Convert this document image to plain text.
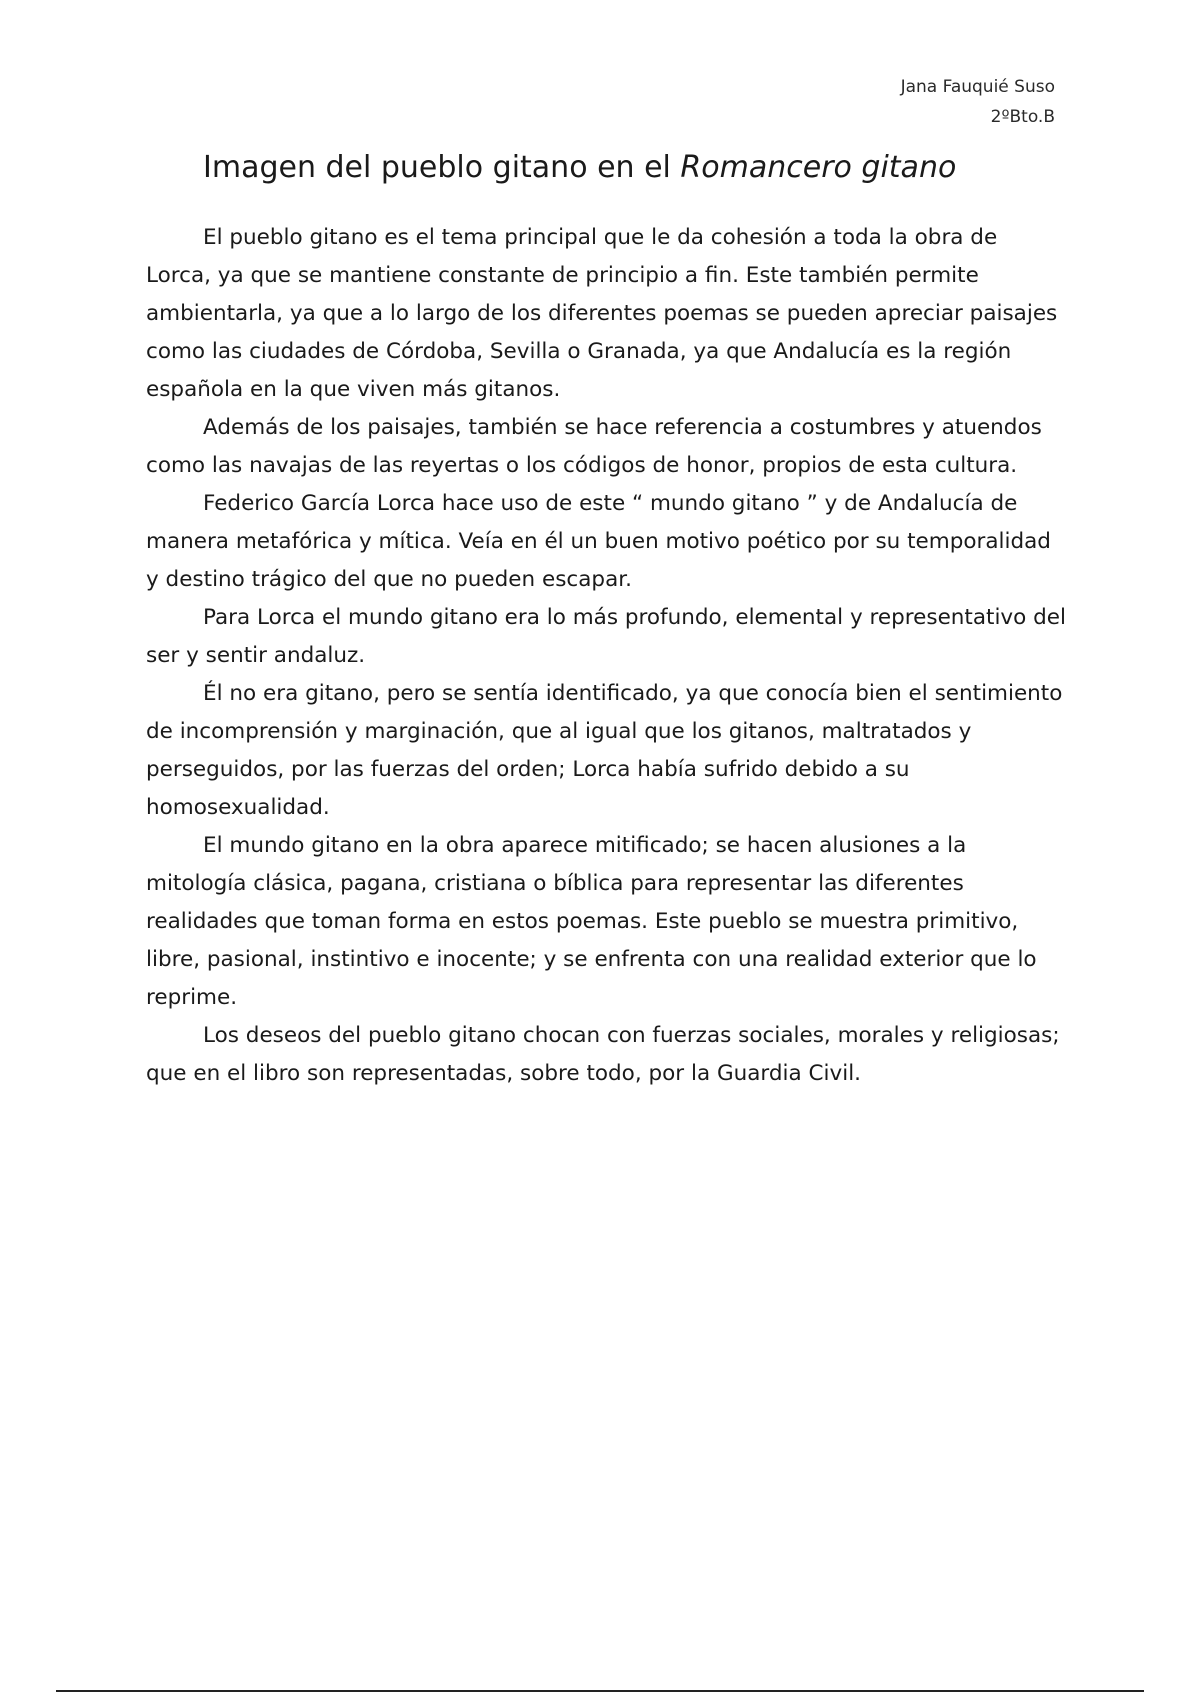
Jana Fauquié Suso
2ºBto.B
Imagen del pueblo gitano en el Romancero gitano

El pueblo gitano es el tema principal que le da cohesión a toda la obra de Lorca, ya que se mantiene constante de principio a fin. Este también permite ambientarla, ya que a lo largo de los diferentes poemas se pueden apreciar paisajes como las ciudades de Córdoba, Sevilla o Granada, ya que Andalucía es la región española en la que viven más gitanos.

Además de los paisajes, también se hace referencia a costumbres y atuendos como las navajas de las reyertas o los códigos de honor, propios de esta cultura.

Federico García Lorca hace uso de este “ mundo gitano ” y de Andalucía de manera metafórica y mítica. Veía en él un buen motivo poético por su temporalidad y destino trágico del que no pueden escapar.

Para Lorca el mundo gitano era lo más profundo, elemental y representativo del ser y sentir andaluz.

Él no era gitano, pero se sentía identificado, ya que conocía bien el sentimiento de incomprensión y marginación, que al igual que los gitanos, maltratados y perseguidos, por las fuerzas del orden; Lorca había sufrido debido a su homosexualidad.

El mundo gitano en la obra aparece mitificado; se hacen alusiones a la mitología clásica, pagana, cristiana o bíblica para representar las diferentes realidades que toman forma en estos poemas. Este pueblo se muestra primitivo, libre, pasional, instintivo e inocente; y se enfrenta con una realidad exterior que lo reprime.

Los deseos del pueblo gitano chocan con fuerzas sociales, morales y religiosas; que en el libro son representadas, sobre todo, por la Guardia Civil.
